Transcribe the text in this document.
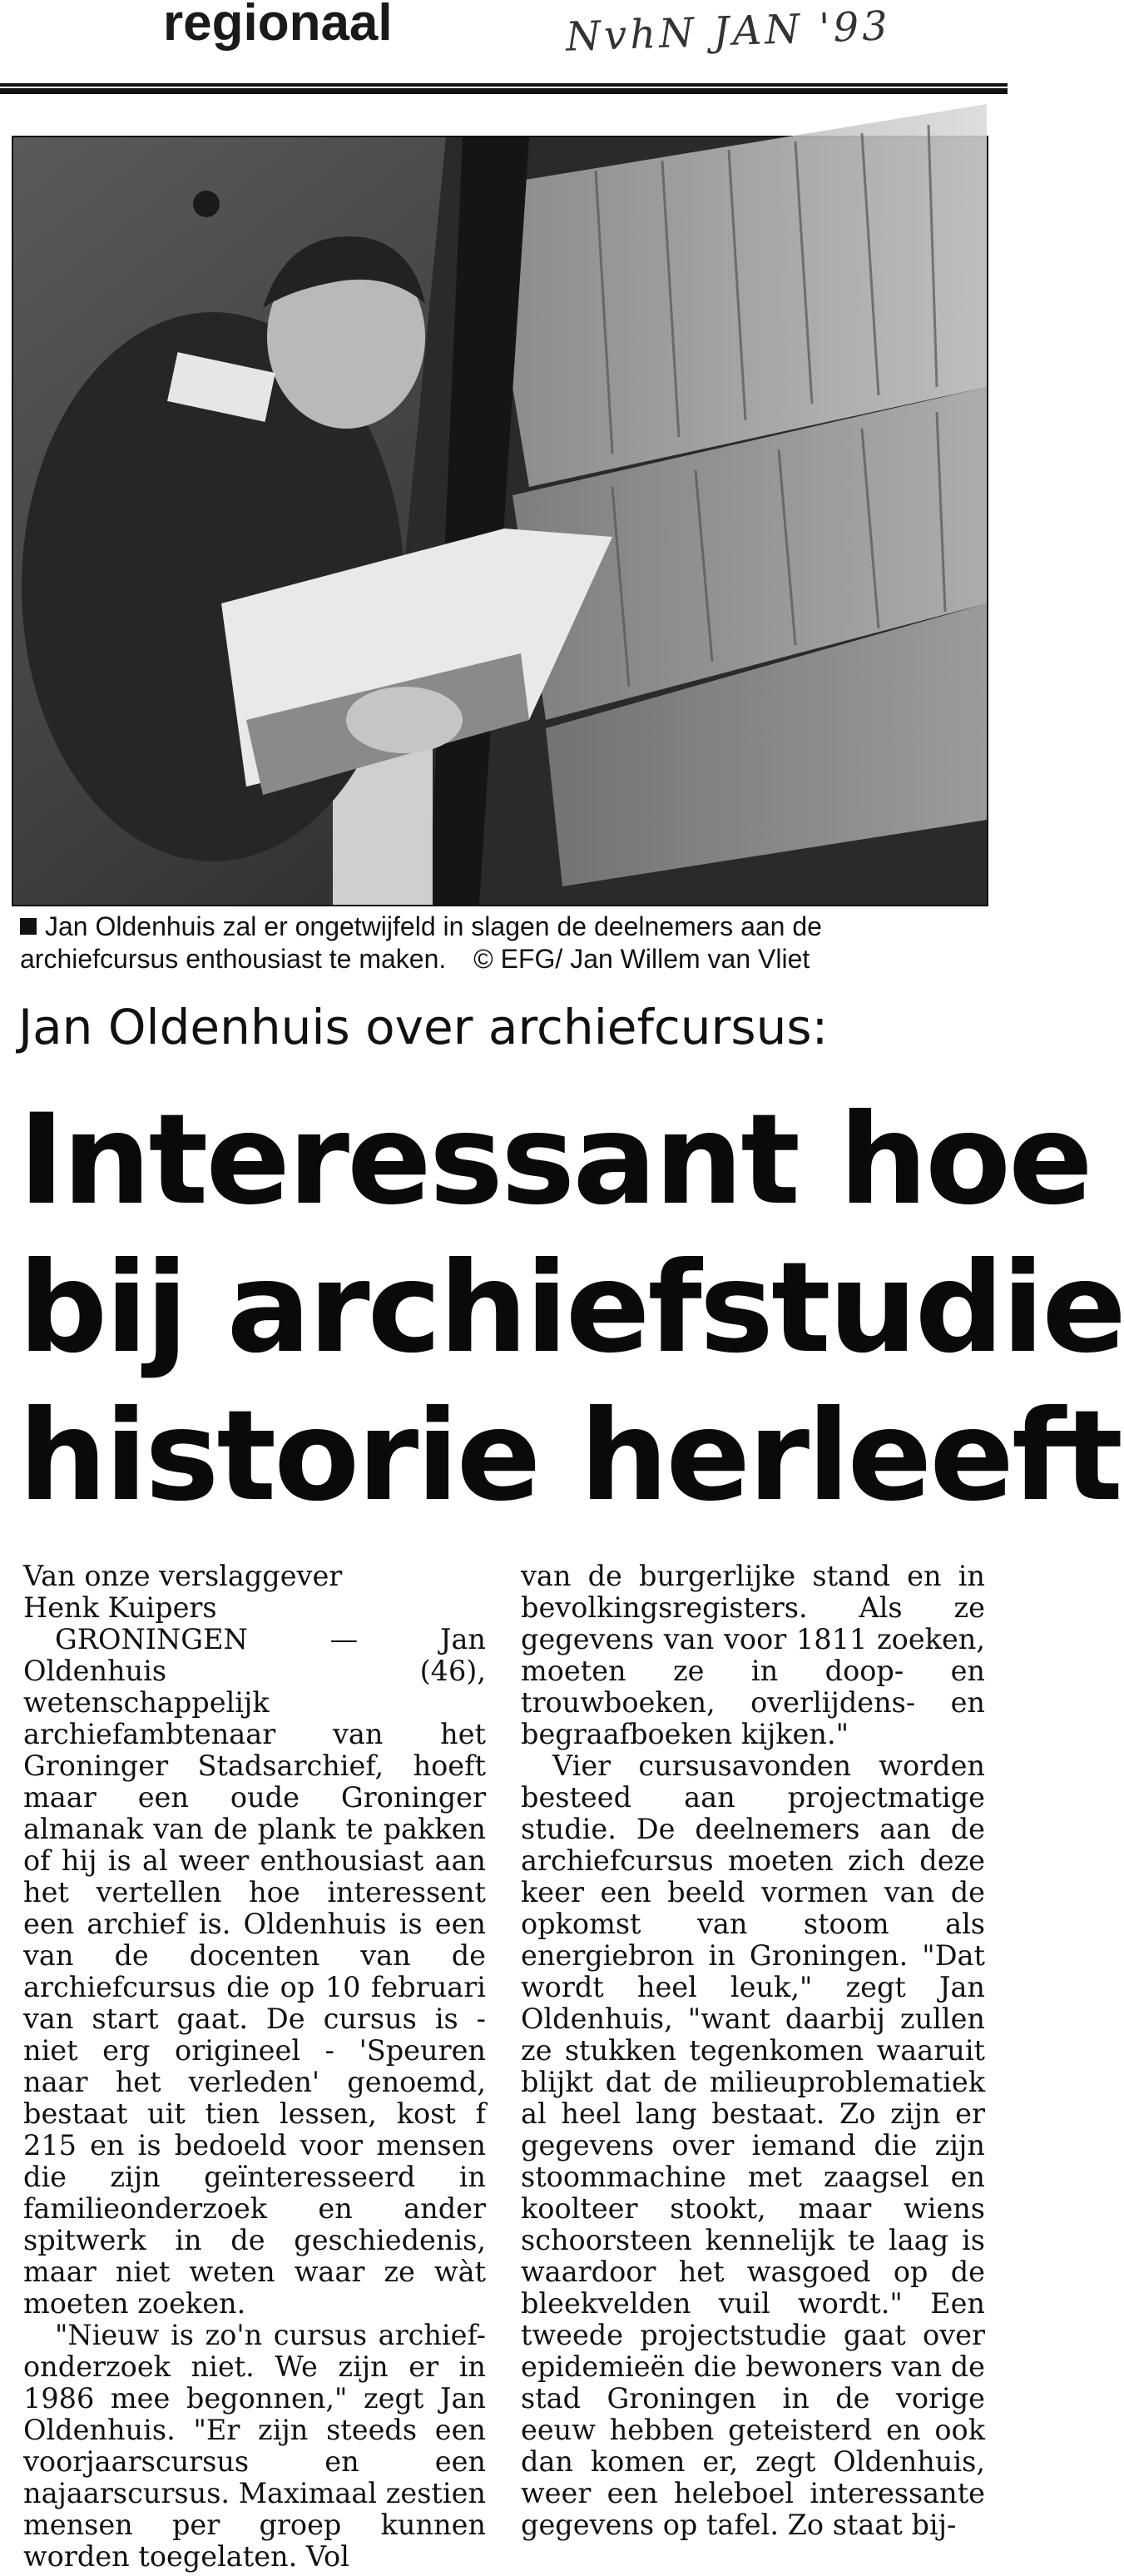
regionaal	NvhN JAN '93
Jan Oldenhuis zal er ongetwijfeld in slagen de deelnemers aan de archiefcursus enthousiast te maken. © EFG/ Jan Willem van Vliet
Jan Oldenhuis over archiefcursus:
Interessant hoe
bij archiefstudie
historie herleeft
Van onze verslaggever
Henk Kuipers

GRONINGEN — Jan Oldenhuis (46), wetenschappelijk archiefambtenaar van het Groninger Stadsarchief, hoeft maar een oude Groninger almanak van de plank te pakken of hij is al weer enthousiast aan het vertellen hoe interessent een archief is. Oldenhuis is een van de docenten van de archiefcursus die op 10 februari van start gaat. De cursus is - niet erg origineel - 'Speuren naar het verleden' genoemd, bestaat uit tien lessen, kost f 215 en is bedoeld voor mensen die zijn geïnteresseerd in familieonderzoek en ander spitwerk in de geschiedenis, maar niet weten waar ze wàt moeten zoeken.

"Nieuw is zo'n cursus archief- onderzoek niet. We zijn er in 1986 mee begonnen," zegt Jan Oldenhuis. "Er zijn steeds een voorjaarscursus en een najaarscursus. Maximaal zestien mensen per groep kunnen worden toegelaten. Vol

van de burgerlijke stand en in bevolkingsregisters. Als ze gegevens van voor 1811 zoeken, moeten ze in doop- en trouwboeken, overlijdens- en begraafboeken kijken."

Vier cursusavonden worden besteed aan projectmatige studie. De deelnemers aan de archiefcursus moeten zich deze keer een beeld vormen van de opkomst van stoom als energiebron in Groningen. "Dat wordt heel leuk," zegt Jan Oldenhuis, "want daarbij zullen ze stukken tegenkomen waaruit blijkt dat de milieuproblematiek al heel lang bestaat. Zo zijn er gegevens over iemand die zijn stoommachine met zaagsel en koolteer stookt, maar wiens schoorsteen kennelijk te laag is waardoor het wasgoed op de bleekvelden vuil wordt." Een tweede projectstudie gaat over epidemieën die bewoners van de stad Groningen in de vorige eeuw hebben geteisterd en ook dan komen er, zegt Oldenhuis, weer een heleboel interessante gegevens op tafel. Zo staat bij-
